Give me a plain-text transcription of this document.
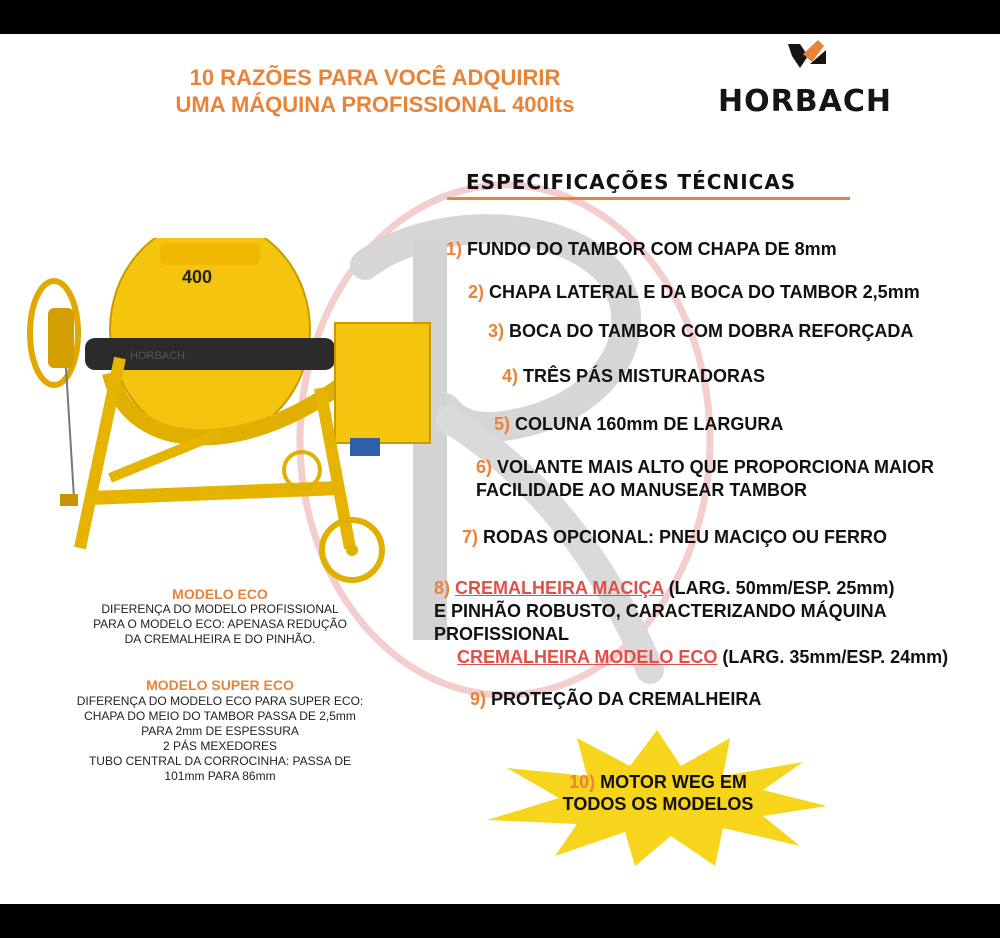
10 RAZÕES PARA VOCÊ ADQUIRIR
UMA MÁQUINA PROFISSIONAL 400lts	HORBACH
HORBACH
400
ESPECIFICAÇÕES TÉCNICAS
1) FUNDO DO TAMBOR COM CHAPA DE 8mm
2) CHAPA LATERAL E DA BOCA DO TAMBOR 2,5mm
3) BOCA DO TAMBOR COM DOBRA REFORÇADA
4) TRÊS PÁS MISTURADORAS
5) COLUNA 160mm DE LARGURA
6) VOLANTE MAIS ALTO QUE PROPORCIONA MAIOR
FACILIDADE AO MANUSEAR TAMBOR
7) RODAS OPCIONAL: PNEU MACIÇO OU FERRO
8) CREMALHEIRA MACIÇA (LARG. 50mm/ESP. 25mm)
E PINHÃO ROBUSTO, CARACTERIZANDO MÁQUINA
PROFISSIONAL
CREMALHEIRA MODELO ECO (LARG. 35mm/ESP. 24mm)
9) PROTEÇÃO DA CREMALHEIRA
10) MOTOR WEG EM
TODOS OS MODELOS
MODELO ECO
DIFERENÇA DO MODELO PROFISSIONAL
PARA O MODELO ECO: APENASA REDUÇÃO
DA CREMALHEIRA E DO PINHÃO.
MODELO SUPER ECO
DIFERENÇA DO MODELO ECO PARA SUPER ECO:
CHAPA DO MEIO DO TAMBOR PASSA DE 2,5mm
PARA 2mm DE ESPESSURA
2 PÁS MEXEDORES
TUBO CENTRAL DA CORROCINHA: PASSA DE
101mm PARA 86mm
